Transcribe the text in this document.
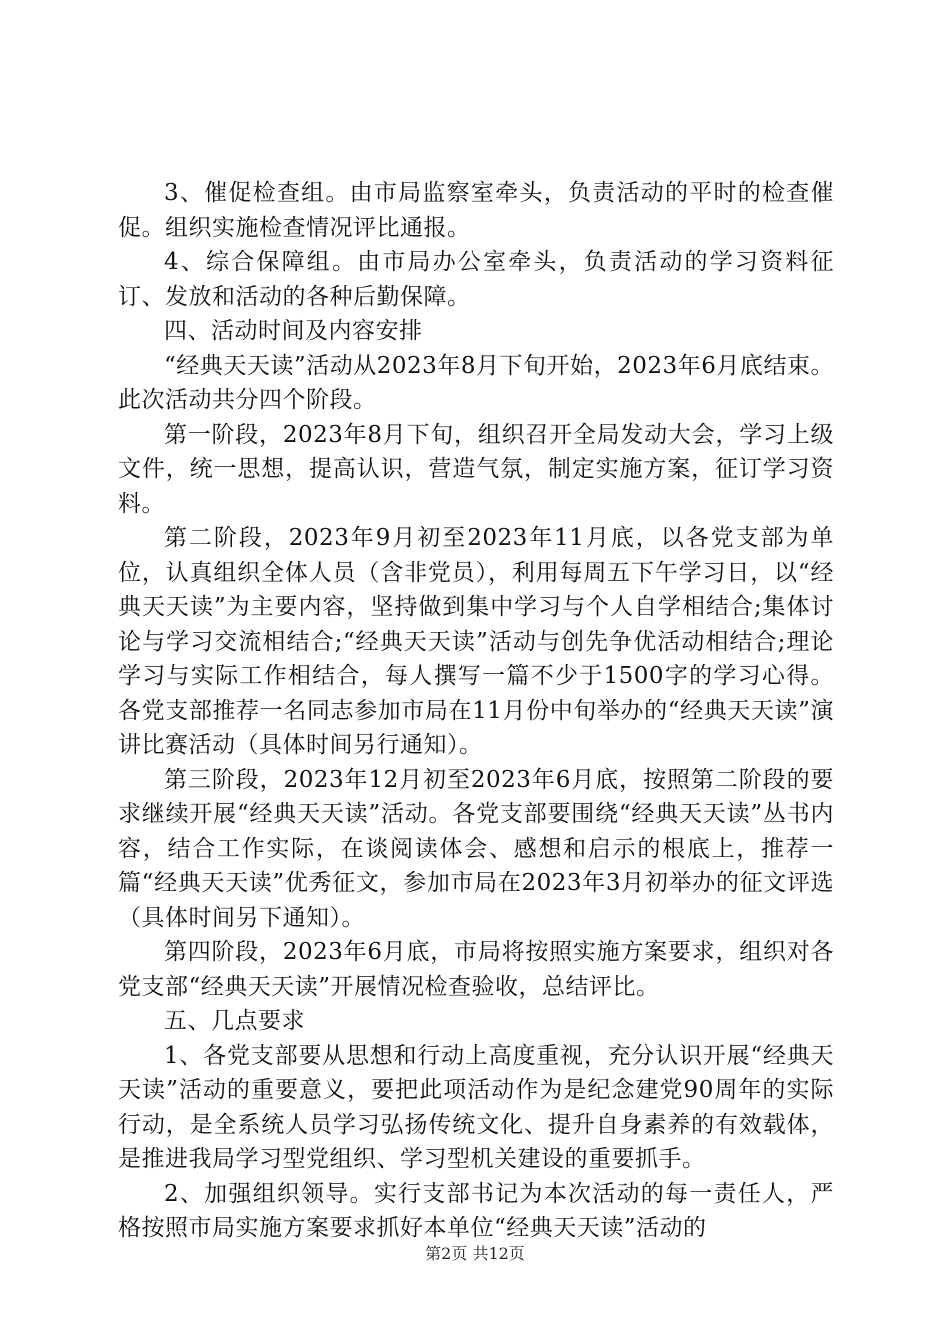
3、催促检查组。由市局监察室牵头，负责活动的平时的检查催促。组织实施检查情况评比通报。

4、综合保障组。由市局办公室牵头，负责活动的学习资料征订、发放和活动的各种后勤保障。

四、活动时间及内容安排

“经典天天读”活动从2023年8月下旬开始，2023年6月底结束。此次活动共分四个阶段。

第一阶段，2023年8月下旬，组织召开全局发动大会，学习上级文件，统一思想，提高认识，营造气氛，制定实施方案，征订学习资料。

第二阶段，2023年9月初至2023年11月底，以各党支部为单位，认真组织全体人员（含非党员），利用每周五下午学习日，以“经典天天读”为主要内容，坚持做到集中学习与个人自学相结合;集体讨论与学习交流相结合;“经典天天读”活动与创先争优活动相结合;理论学习与实际工作相结合，每人撰写一篇不少于1500字的学习心得。各党支部推荐一名同志参加市局在11月份中旬举办的“经典天天读”演讲比赛活动（具体时间另行通知）。

第三阶段，2023年12月初至2023年6月底，按照第二阶段的要求继续开展“经典天天读”活动。各党支部要围绕“经典天天读”丛书内容，结合工作实际，在谈阅读体会、感想和启示的根底上，推荐一篇“经典天天读”优秀征文，参加市局在2023年3月初举办的征文评选（具体时间另下通知）。

第四阶段，2023年6月底，市局将按照实施方案要求，组织对各党支部“经典天天读”开展情况检查验收，总结评比。

五、几点要求

1、各党支部要从思想和行动上高度重视，充分认识开展“经典天天读”活动的重要意义，要把此项活动作为是纪念建党90周年的实际行动，是全系统人员学习弘扬传统文化、提升自身素养的有效载体，是推进我局学习型党组织、学习型机关建设的重要抓手。

2、加强组织领导。实行支部书记为本次活动的每一责任人，严格按照市局实施方案要求抓好本单位“经典天天读”活动的

第2页 共12页
